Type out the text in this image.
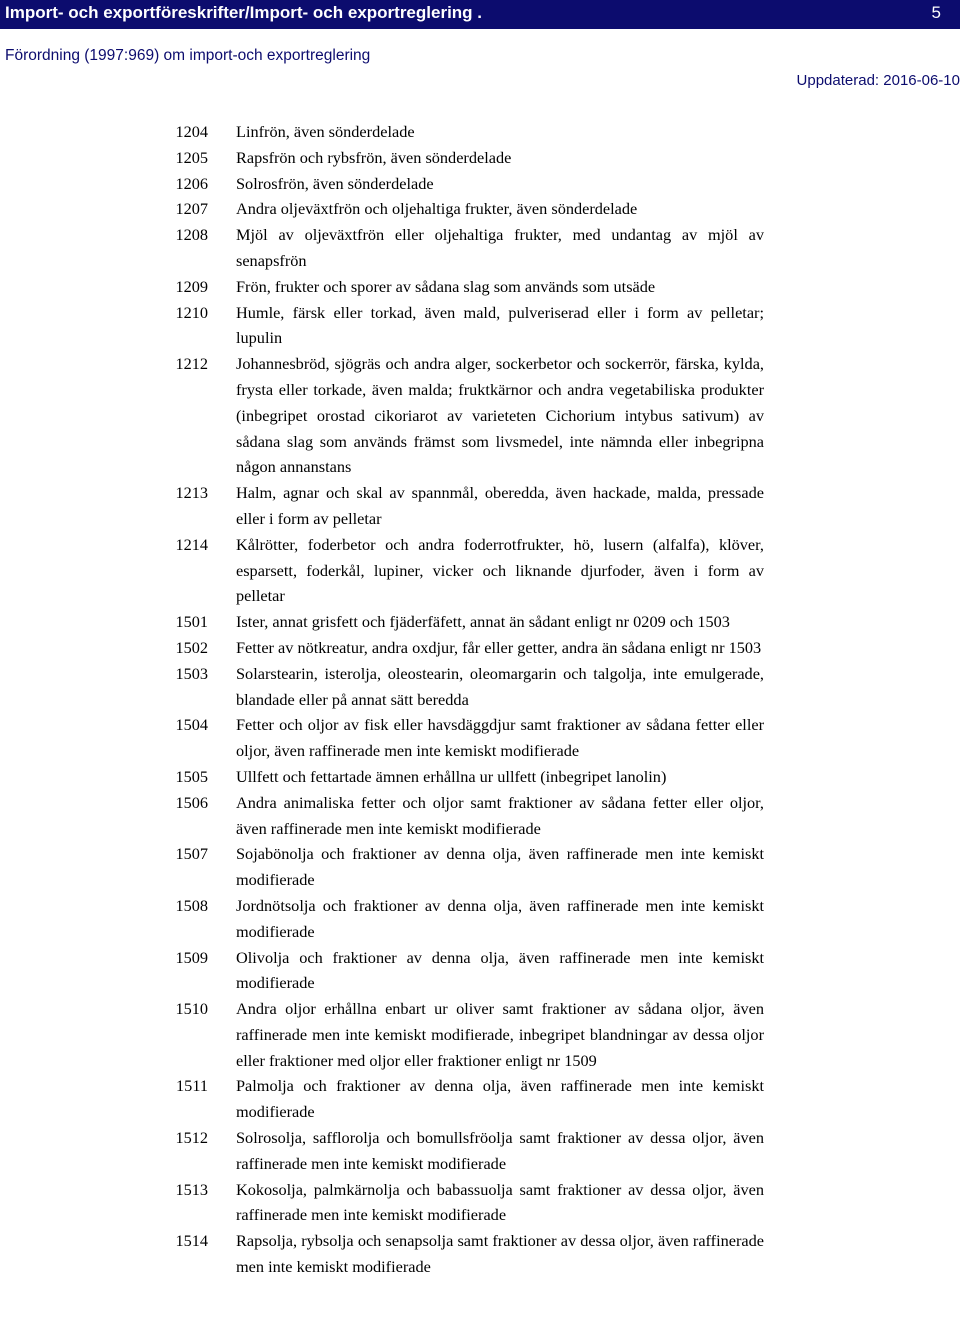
Import- och exportföreskrifter/Import- och exportreglering .	5
Förordning (1997:969) om import-och exportreglering
Uppdaterad: 2016-06-10
1204	Linfrön, även sönderdelade
1205	Rapsfrön och rybsfrön, även sönderdelade
1206	Solrosfrön, även sönderdelade
1207	Andra oljeväxtfrön och oljehaltiga frukter, även sönderdelade
1208	Mjöl av oljeväxtfrön eller oljehaltiga frukter, med undantag av mjöl av senapsfrön
1209	Frön, frukter och sporer av sådana slag som används som utsäde
1210	Humle, färsk eller torkad, även mald, pulveriserad eller i form av pelletar; lupulin
1212	Johannesbröd, sjögräs och andra alger, sockerbetor och sockerrör, färska, kylda, frysta eller torkade, även malda; fruktkärnor och andra vegetabiliska produkter (inbegripet orostad cikoriarot av varieteten Cichorium intybus sativum) av sådana slag som används främst som livsmedel, inte nämnda eller inbegripna någon annanstans
1213	Halm, agnar och skal av spannmål, oberedda, även hackade, malda, pressade eller i form av pelletar
1214	Kålrötter, foderbetor och andra foderrotfrukter, hö, lusern (alfalfa), klöver, esparsett, foderkål, lupiner, vicker och liknande djurfoder, även i form av pelletar
1501	Ister, annat grisfett och fjäderfäfett, annat än sådant enligt nr 0209 och 1503
1502	Fetter av nötkreatur, andra oxdjur, får eller getter, andra än sådana enligt nr 1503
1503	Solarstearin, isterolja, oleostearin, oleomargarin och talgolja, inte emulgerade, blandade eller på annat sätt beredda
1504	Fetter och oljor av fisk eller havsdäggdjur samt fraktioner av sådana fetter eller oljor, även raffinerade men inte kemiskt modifierade
1505	Ullfett och fettartade ämnen erhållna ur ullfett (inbegripet lanolin)
1506	Andra animaliska fetter och oljor samt fraktioner av sådana fetter eller oljor, även raffinerade men inte kemiskt modifierade
1507	Sojabönolja och fraktioner av denna olja, även raffinerade men inte kemiskt modifierade
1508	Jordnötsolja och fraktioner av denna olja, även raffinerade men inte kemiskt modifierade
1509	Olivolja och fraktioner av denna olja, även raffinerade men inte kemiskt modifierade
1510	Andra oljor erhållna enbart ur oliver samt fraktioner av sådana oljor, även raffinerade men inte kemiskt modifierade, inbegripet blandningar av dessa oljor eller fraktioner med oljor eller fraktioner enligt nr 1509
1511	Palmolja och fraktioner av denna olja, även raffinerade men inte kemiskt modifierade
1512	Solrosolja, safflorolja och bomullsfröolja samt fraktioner av dessa oljor, även raffinerade men inte kemiskt modifierade
1513	Kokosolja, palmkärnolja och babassuolja samt fraktioner av dessa oljor, även raffinerade men inte kemiskt modifierade
1514	Rapsolja, rybsolja och senapsolja samt fraktioner av dessa oljor, även raffinerade men inte kemiskt modifierade
